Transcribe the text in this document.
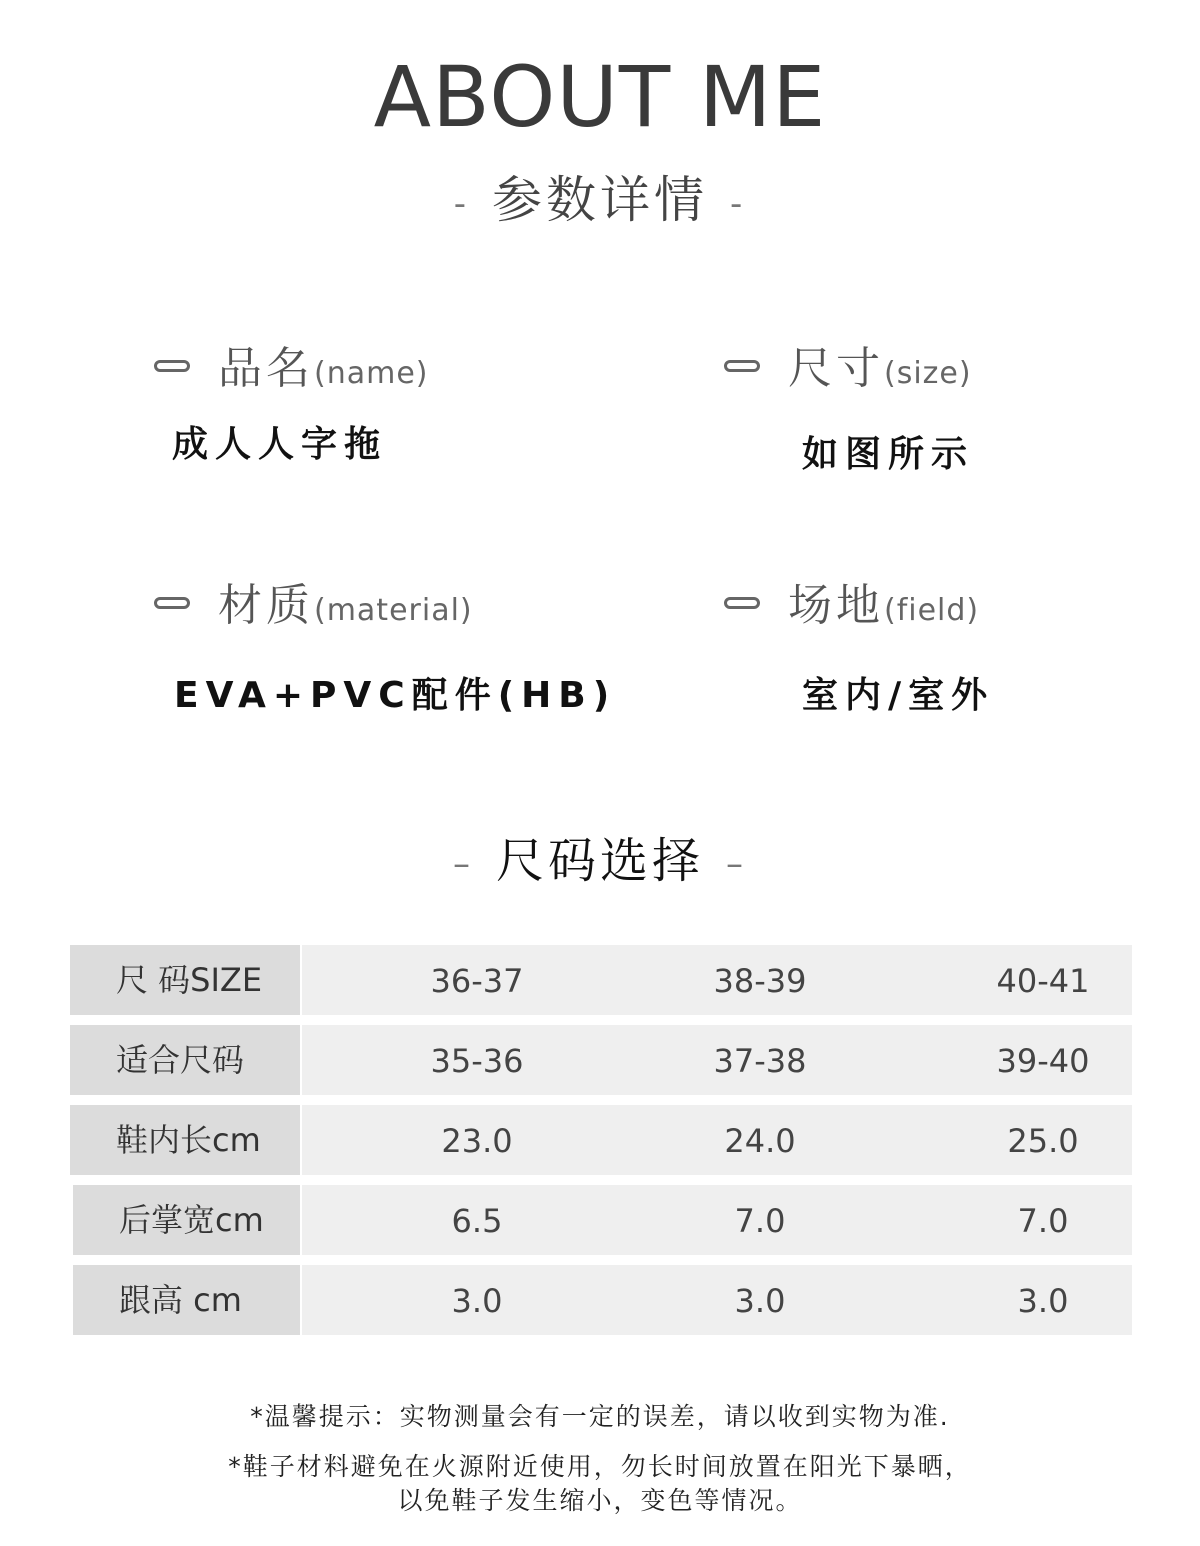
ABOUT ME
- 参数详情 -
品名(name)
成人人字拖
尺寸(size)
如图所示
材质(material)
EVA+PVC配件(HB)
场地(field)
室内/室外
– 尺码选择 –
尺 码SIZE	36-37	38-39	40-41
适合尺码	35-36	37-38	39-40
鞋内长cm	23.0	24.0	25.0
后掌宽cm	6.5	7.0	7.0
跟高 cm	3.0	3.0	3.0
*温馨提示：实物测量会有一定的误差，请以收到实物为准.
*鞋子材料避免在火源附近使用，勿长时间放置在阳光下暴晒，
以免鞋子发生缩小，变色等情况。
